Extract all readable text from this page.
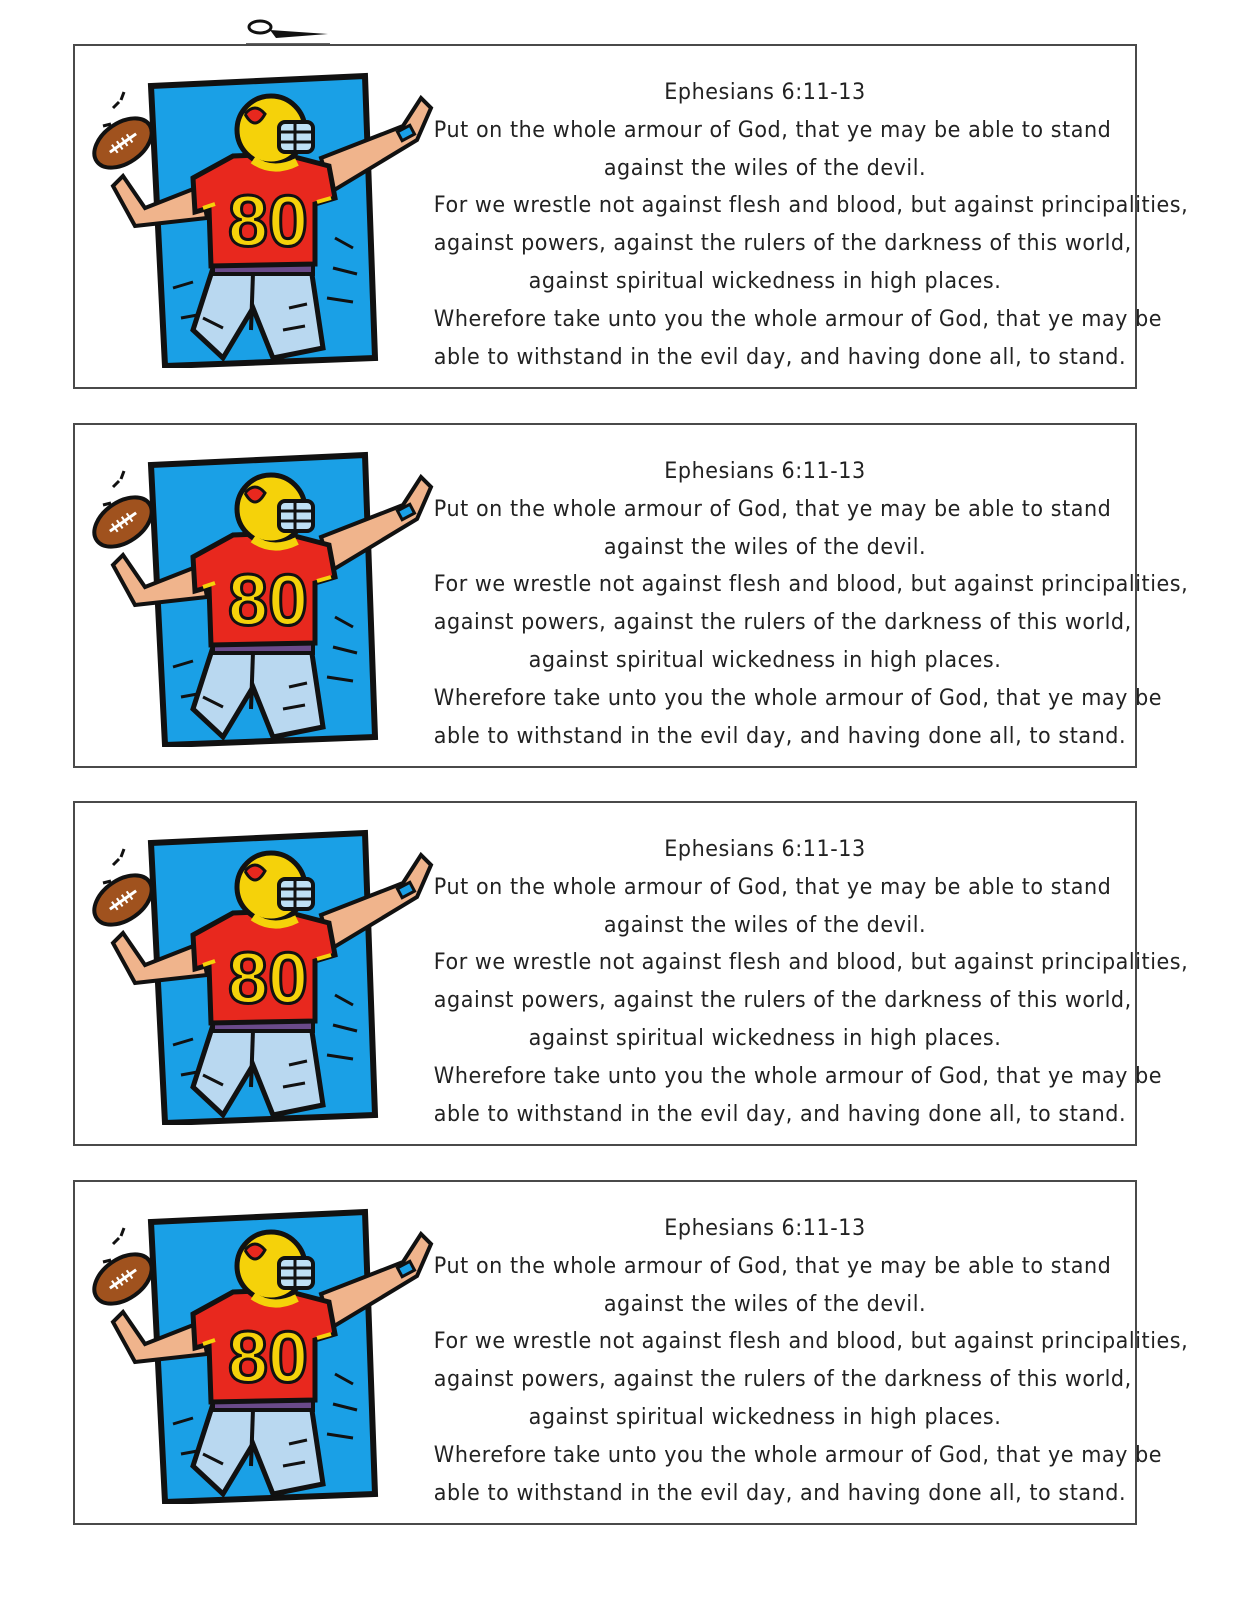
80
Ephesians 6:11-13
Put on the whole armour of God, that ye may be able to stand
against the wiles of the devil.
For we wrestle not against flesh and blood, but against principalities,
against powers, against the rulers of the darkness of this world,
against spiritual wickedness in high places.
Wherefore take unto you the whole armour of God, that ye may be
able to withstand in the evil day, and having done all, to stand.
80
Ephesians 6:11-13
Put on the whole armour of God, that ye may be able to stand
against the wiles of the devil.
For we wrestle not against flesh and blood, but against principalities,
against powers, against the rulers of the darkness of this world,
against spiritual wickedness in high places.
Wherefore take unto you the whole armour of God, that ye may be
able to withstand in the evil day, and having done all, to stand.
80
Ephesians 6:11-13
Put on the whole armour of God, that ye may be able to stand
against the wiles of the devil.
For we wrestle not against flesh and blood, but against principalities,
against powers, against the rulers of the darkness of this world,
against spiritual wickedness in high places.
Wherefore take unto you the whole armour of God, that ye may be
able to withstand in the evil day, and having done all, to stand.
80
Ephesians 6:11-13
Put on the whole armour of God, that ye may be able to stand
against the wiles of the devil.
For we wrestle not against flesh and blood, but against principalities,
against powers, against the rulers of the darkness of this world,
against spiritual wickedness in high places.
Wherefore take unto you the whole armour of God, that ye may be
able to withstand in the evil day, and having done all, to stand.
